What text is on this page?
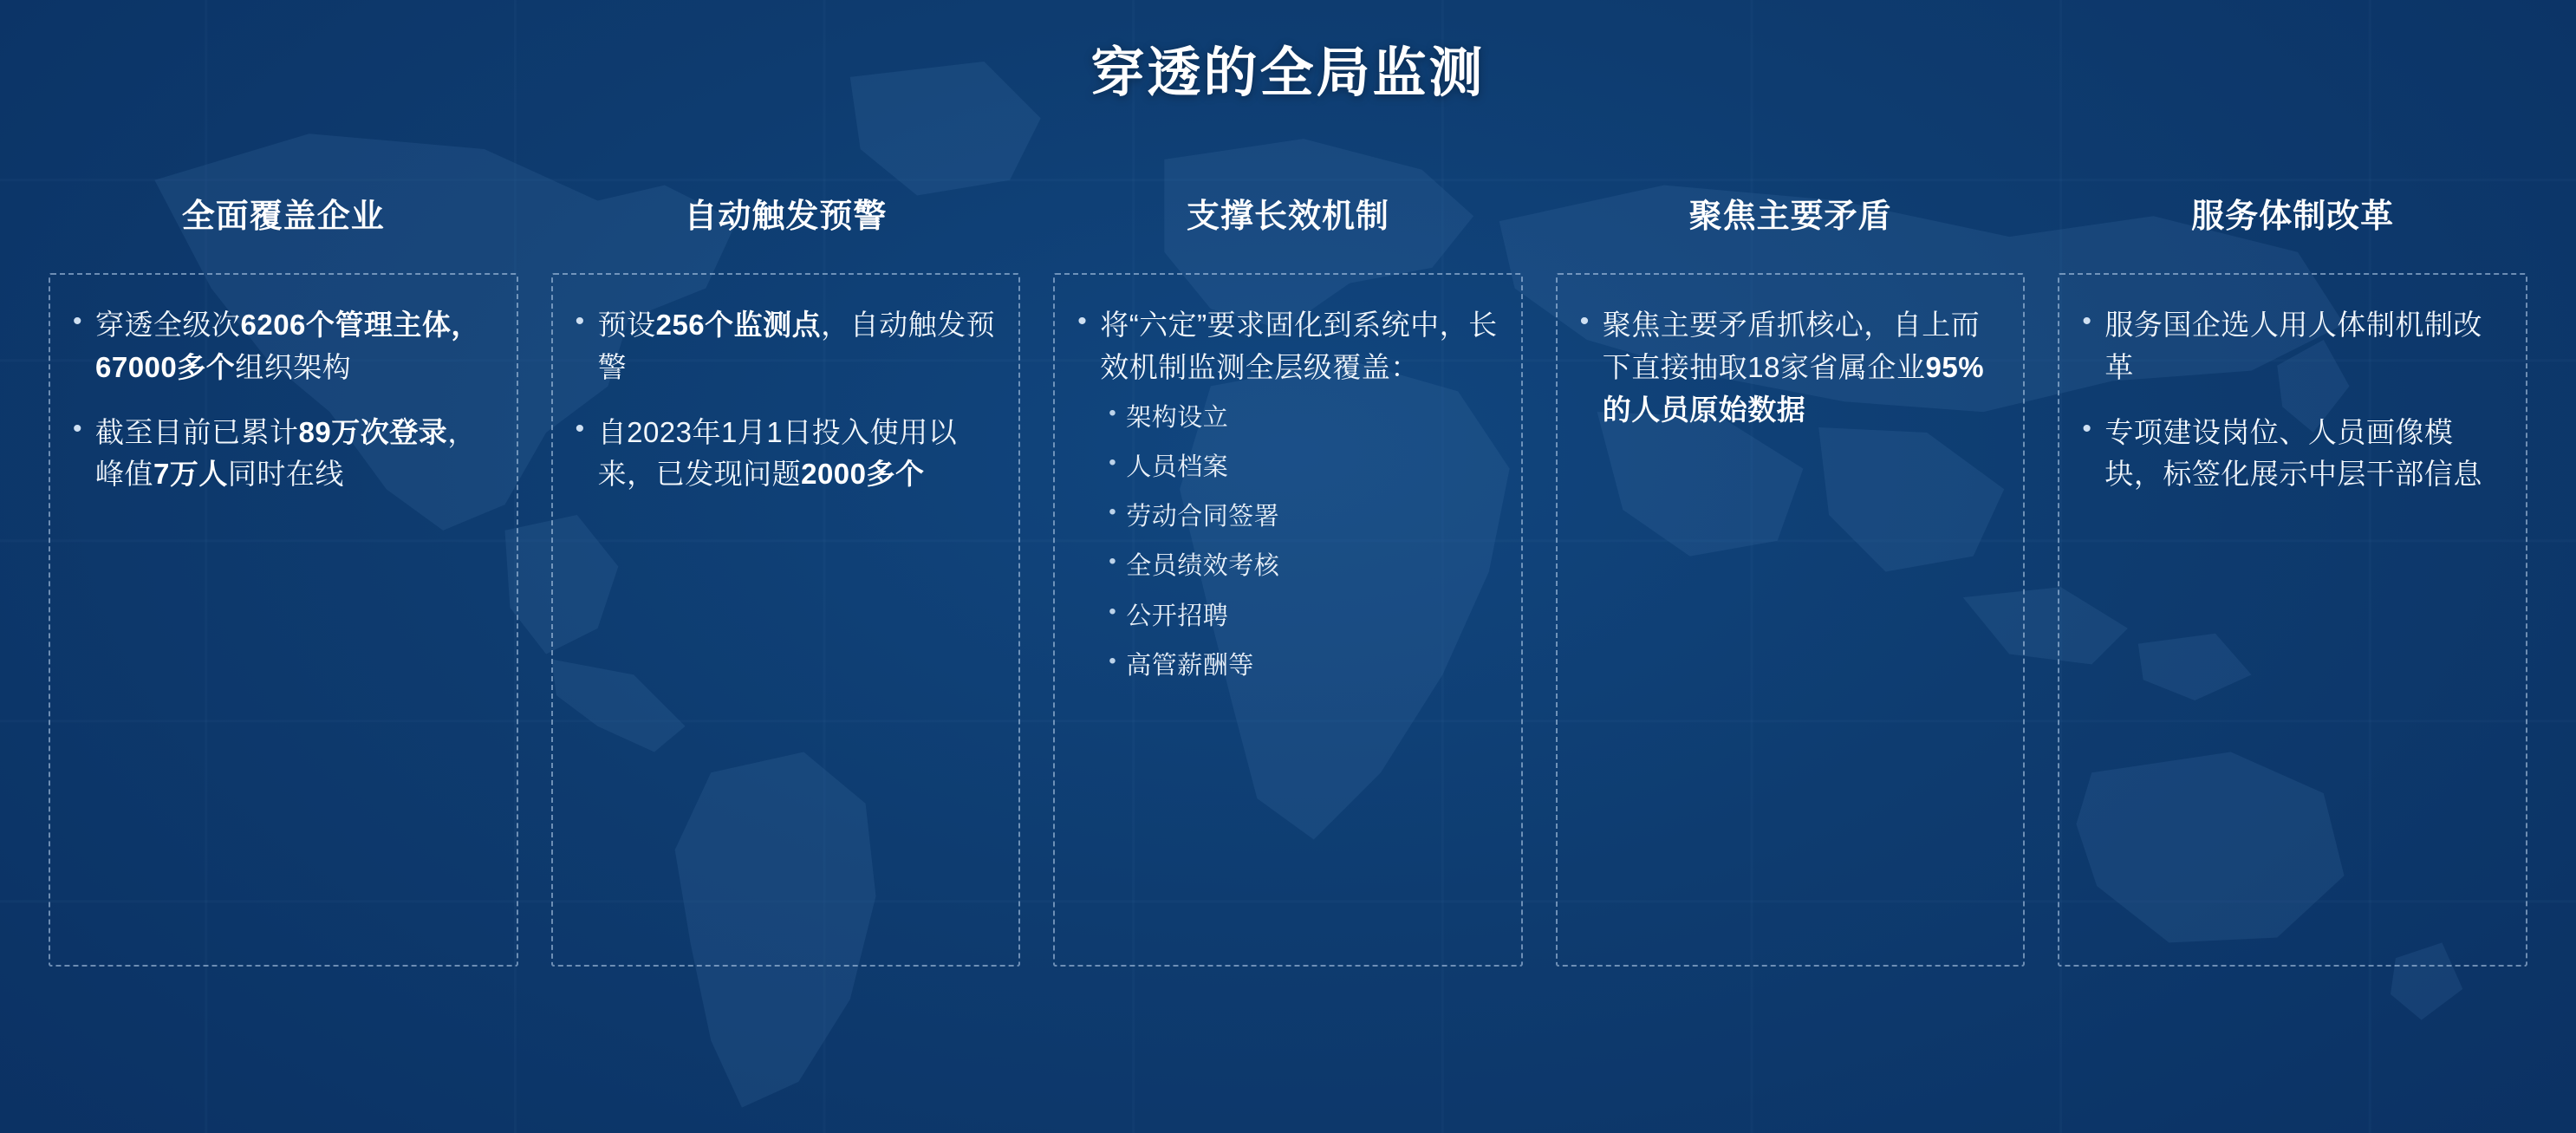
穿透的全局监测
全面覆盖企业
• 穿透全级次6206个管理主体，67000多个组织架构
• 截至目前已累计89万次登录，峰值7万人同时在线
自动触发预警
• 预设256个监测点，自动触发预警
• 自2023年1月1日投入使用以来，已发现问题2000多个
支撑长效机制
• 将“六定”要求固化到系统中，长效机制监测全层级覆盖：
• 架构设立
• 人员档案
• 劳动合同签署
• 全员绩效考核
• 公开招聘
• 高管薪酬等
聚焦主要矛盾
• 聚焦主要矛盾抓核心，自上而下直接抽取18家省属企业95%的人员原始数据
服务体制改革
• 服务国企选人用人体制机制改革
• 专项建设岗位、人员画像模块，标签化展示中层干部信息
